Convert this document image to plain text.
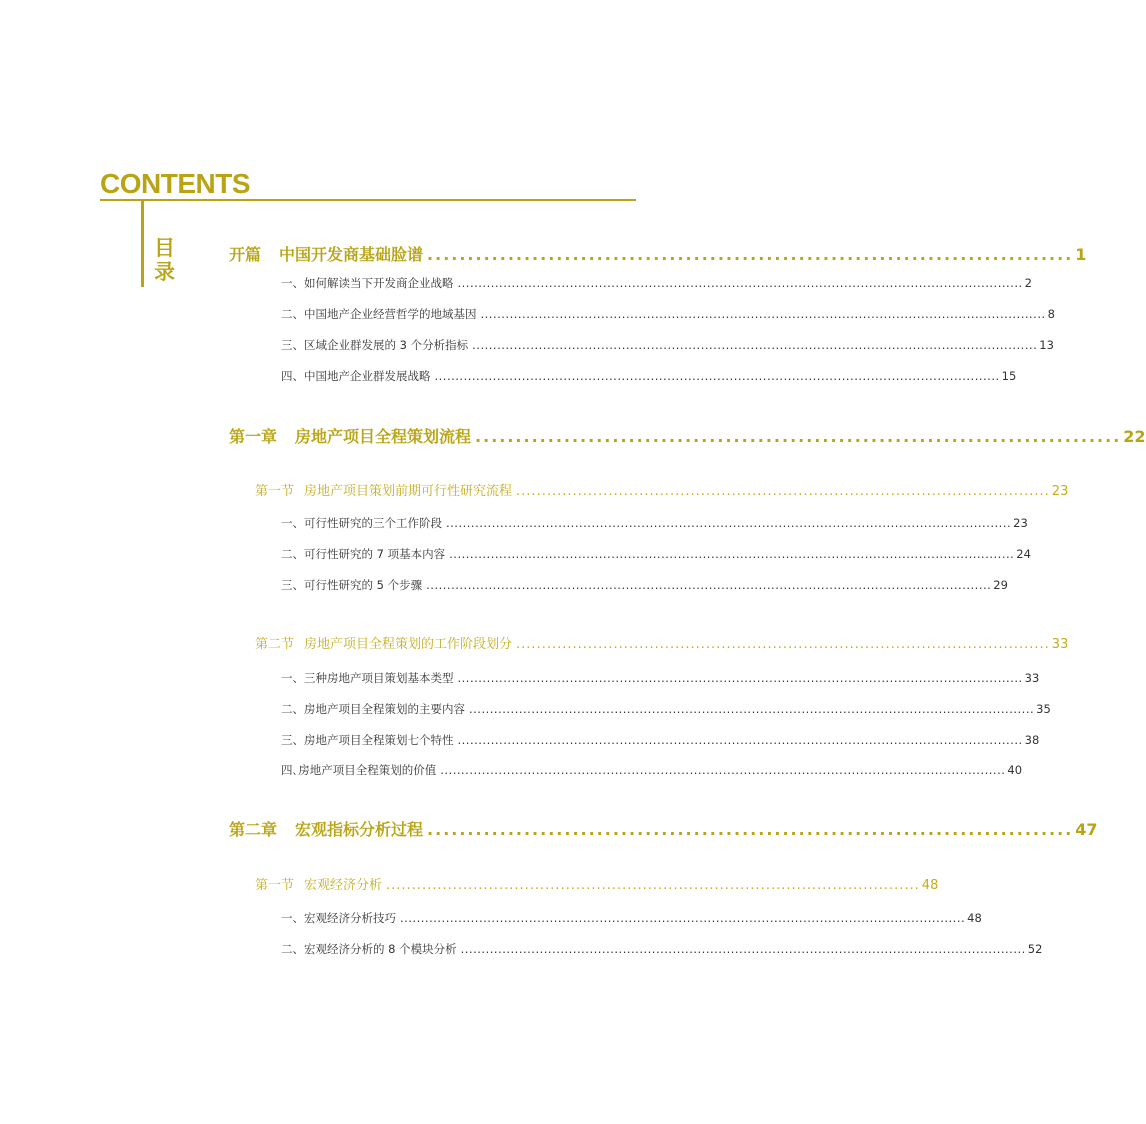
CONTENTS
目
录
开篇 中国开发商基础脸谱 ................................................................................ 1
一、如何解读当下开发商企业战略 ........................................................................................................................................ 2
二、中国地产企业经营哲学的地域基因 ........................................................................................................................................ 8
三、区域企业群发展的 3 个分析指标 ........................................................................................................................................ 13
四、中国地产企业群发展战略 ........................................................................................................................................ 15
第一章 房地产项目全程策划流程 ................................................................................ 22
第一节 房地产项目策划前期可行性研究流程 ........................................................................................................ 23
一、可行性研究的三个工作阶段 ........................................................................................................................................ 23
二、可行性研究的 7 项基本内容 ........................................................................................................................................ 24
三、可行性研究的 5 个步骤 ........................................................................................................................................ 29
第二节 房地产项目全程策划的工作阶段划分 ........................................................................................................ 33
一、三种房地产项目策划基本类型 ........................................................................................................................................ 33
二、房地产项目全程策划的主要内容 ........................................................................................................................................ 35
三、房地产项目全程策划七个特性 ........................................................................................................................................ 38
四､房地产项目全程策划的价值 ........................................................................................................................................ 40
第二章 宏观指标分析过程 ................................................................................ 47
第一节 宏观经济分析 ........................................................................................................ 48
一、宏观经济分析技巧 ........................................................................................................................................ 48
二、宏观经济分析的 8 个模块分析 ........................................................................................................................................ 52
